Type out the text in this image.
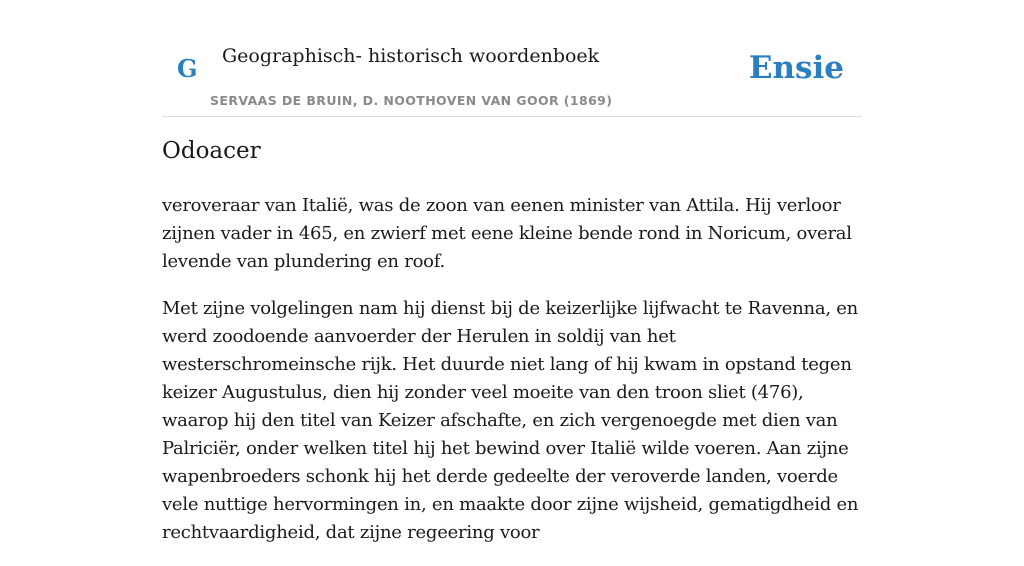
G Geographisch- historisch woordenboek
SERVAAS DE BRUIN, D. NOOTHOVEN VAN GOOR (1869)
Ensie
Odoacer

veroveraar van Italië, was de zoon van eenen minister van Attila. Hij verloor zijnen vader in 465, en zwierf met eene kleine bende rond in Noricum, overal levende van plundering en roof.

Met zijne volgelingen nam hij dienst bij de keizerlijke lijfwacht te Ravenna, en werd zoodoende aanvoerder der Herulen in soldij van het westerschromeinsche rijk. Het duurde niet lang of hij kwam in opstand tegen keizer Augustulus, dien hij zonder veel moeite van den troon sliet (476), waarop hij den titel van Keizer afschafte, en zich vergenoegde met dien van Palriciër, onder welken titel hij het bewind over Italië wilde voeren. Aan zijne wapenbroeders schonk hij het derde gedeelte der veroverde landen, voerde vele nuttige hervormingen in, en maakte door zijne wijsheid, gematigdheid en rechtvaardigheid, dat zijne regeering voor
